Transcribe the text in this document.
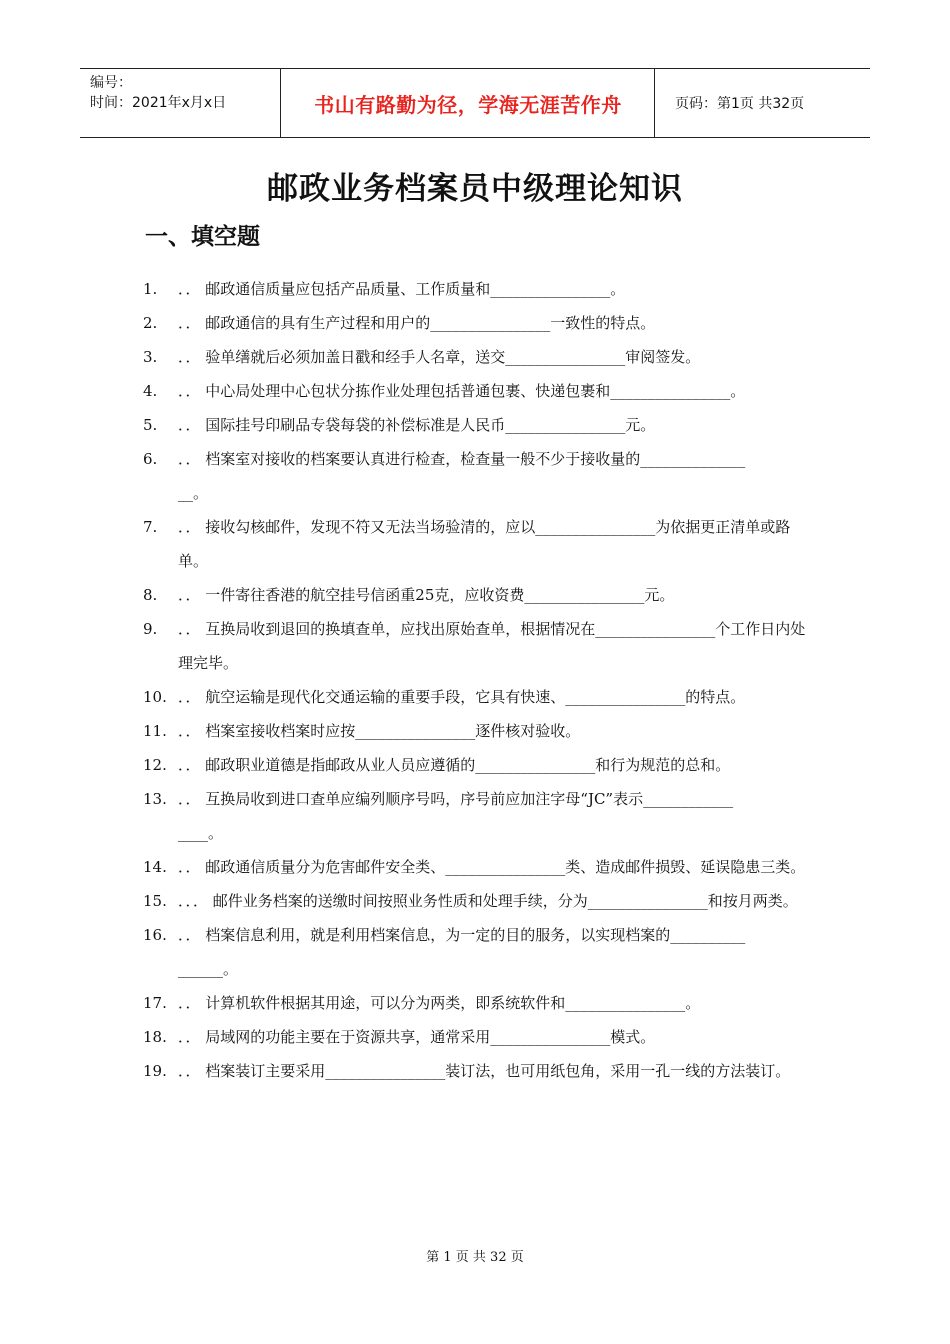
编号：
时间：2021年x月x日	书山有路勤为径，学海无涯苦作舟	页码：第1页 共32页
邮政业务档案员中级理论知识
一、填空题
1.	．． 邮政通信质量应包括产品质量、工作质量和________________。
2.	．． 邮政通信的具有生产过程和用户的________________一致性的特点。
3.	．． 验单缮就后必须加盖日戳和经手人名章，送交________________审阅签发。
4.	．． 中心局处理中心包状分拣作业处理包括普通包裹、快递包裹和________________。
5.	．． 国际挂号印刷品专袋每袋的补偿标准是人民币________________元。
6.	．． 档案室对接收的档案要认真进行检查，检查量一般不少于接收量的______________
__。
7.	．． 接收勾核邮件，发现不符又无法当场验清的，应以________________为依据更正清单或路单。
8.	．． 一件寄往香港的航空挂号信函重25克，应收资费________________元。
9.	．． 互换局收到退回的换填查单，应找出原始查单，根据情况在________________个工作日内处理完毕。
10. ．． 航空运输是现代化交通运输的重要手段，它具有快速、________________的特点。
11. ．． 档案室接收档案时应按________________逐件核对验收。
12. ．． 邮政职业道德是指邮政从业人员应遵循的________________和行为规范的总和。
13. ．． 互换局收到进口查单应编列顺序号吗，序号前应加注字母“JC”表示____________
____。
14. ．． 邮政通信质量分为危害邮件安全类、________________类、造成邮件损毁、延误隐患三类。
15. ．．． 邮件业务档案的送缴时间按照业务性质和处理手续，分为________________和按月两类。
16. ．． 档案信息利用，就是利用档案信息，为一定的目的服务，以实现档案的__________
______。
17. ．． 计算机软件根据其用途，可以分为两类，即系统软件和________________。
18. ．． 局域网的功能主要在于资源共享，通常采用________________模式。
19. ．． 档案装订主要采用________________装订法，也可用纸包角，采用一孔一线的方法装订。
第 1 页 共 32 页
